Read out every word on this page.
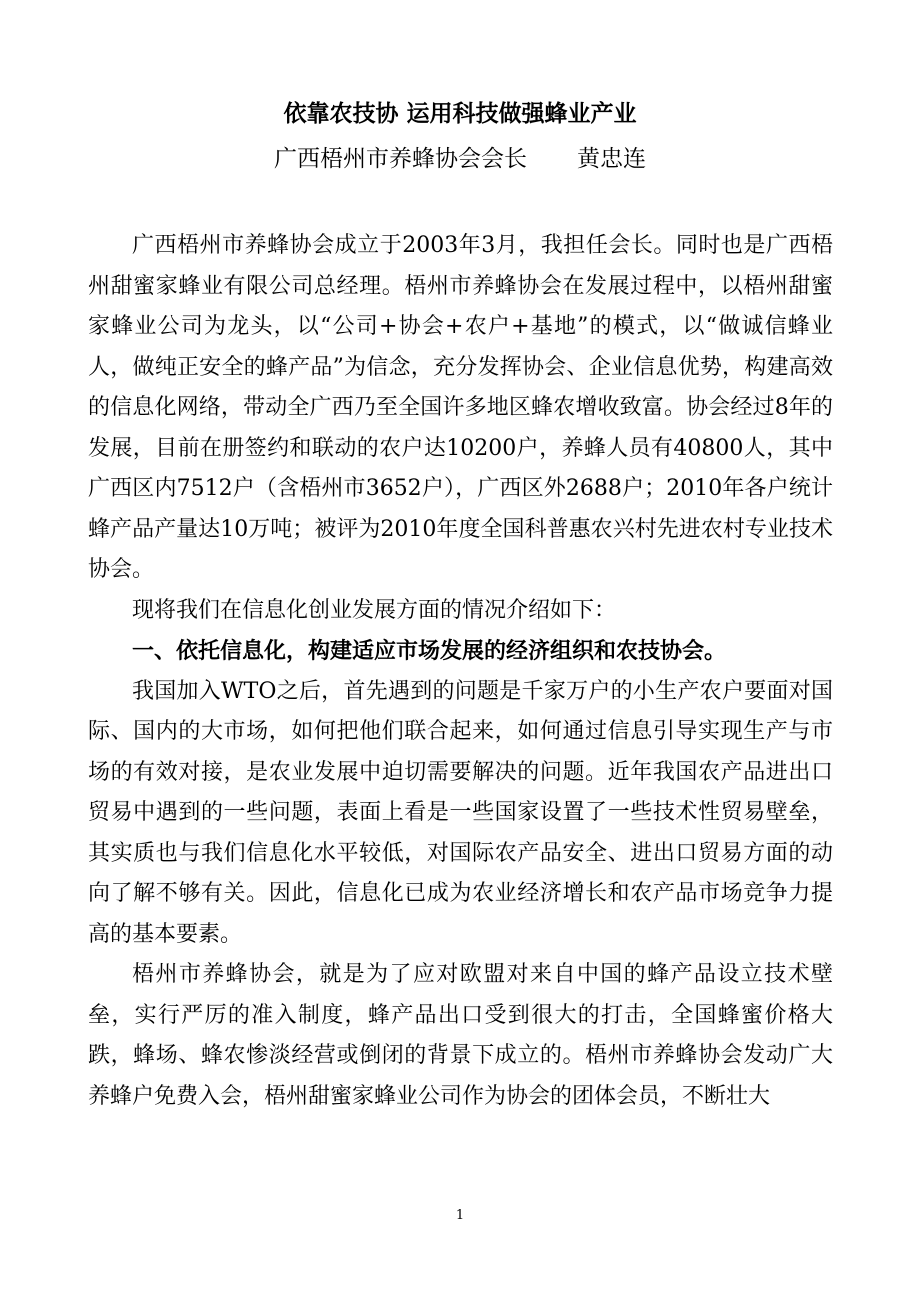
依靠农技协 运用科技做强蜂业产业
广西梧州市养蜂协会会长 黄忠连

广西梧州市养蜂协会成立于2003年3月，我担任会长。同时也是广西梧州甜蜜家蜂业有限公司总经理。梧州市养蜂协会在发展过程中，以梧州甜蜜家蜂业公司为龙头，以“公司+协会+农户+基地”的模式，以“做诚信蜂业人，做纯正安全的蜂产品”为信念，充分发挥协会、企业信息优势，构建高效的信息化网络，带动全广西乃至全国许多地区蜂农增收致富。协会经过8年的发展，目前在册签约和联动的农户达10200户，养蜂人员有40800人，其中广西区内7512户（含梧州市3652户），广西区外2688户；2010年各户统计蜂产品产量达10万吨；被评为2010年度全国科普惠农兴村先进农村专业技术协会。

现将我们在信息化创业发展方面的情况介绍如下：

一、依托信息化，构建适应市场发展的经济组织和农技协会。

我国加入WTO之后，首先遇到的问题是千家万户的小生产农户要面对国际、国内的大市场，如何把他们联合起来，如何通过信息引导实现生产与市场的有效对接，是农业发展中迫切需要解决的问题。近年我国农产品进出口贸易中遇到的一些问题，表面上看是一些国家设置了一些技术性贸易壁垒，其实质也与我们信息化水平较低，对国际农产品安全、进出口贸易方面的动向了解不够有关。因此，信息化已成为农业经济增长和农产品市场竞争力提高的基本要素。

梧州市养蜂协会，就是为了应对欧盟对来自中国的蜂产品设立技术壁垒，实行严厉的准入制度，蜂产品出口受到很大的打击，全国蜂蜜价格大跌，蜂场、蜂农惨淡经营或倒闭的背景下成立的。梧州市养蜂协会发动广大养蜂户免费入会，梧州甜蜜家蜂业公司作为协会的团体会员，不断壮大

1
